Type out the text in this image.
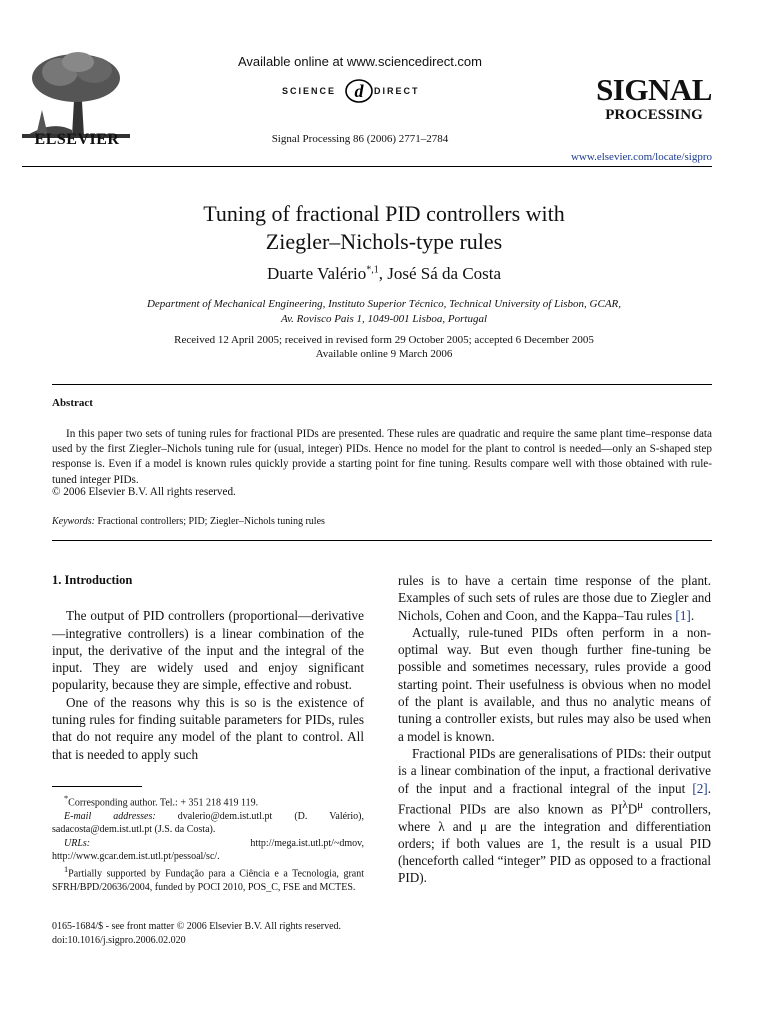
ELSEVIER
Available online at www.sciencedirect.com
SCIENCE d DIRECT
Signal Processing 86 (2006) 2771–2784
SIGNAL
PROCESSING
www.elsevier.com/locate/sigpro
Tuning of fractional PID controllers with
Ziegler–Nichols-type rules
Duarte Valério$^{*,1}$, José Sá da Costa
Department of Mechanical Engineering, Instituto Superior Técnico, Technical University of Lisbon, GCAR,
Av. Rovisco Pais 1, 1049-001 Lisboa, Portugal
Received 12 April 2005; received in revised form 29 October 2005; accepted 6 December 2005
Available online 9 March 2006
Abstract
In this paper two sets of tuning rules for fractional PIDs are presented. These rules are quadratic and require the same plant time–response data used by the first Ziegler–Nichols tuning rule for (usual, integer) PIDs. Hence no model for the plant to control is needed—only an S-shaped step response is. Even if a model is known rules quickly provide a starting point for fine tuning. Results compare well with those obtained with rule-tuned integer PIDs.
© 2006 Elsevier B.V. All rights reserved.
Keywords: Fractional controllers; PID; Ziegler–Nichols tuning rules
1. Introduction
The output of PID controllers (proportional—derivative—integrative controllers) is a linear combination of the input, the derivative of the input and the integral of the input. They are widely used and enjoy significant popularity, because they are simple, effective and robust.
One of the reasons why this is so is the existence of tuning rules for finding suitable parameters for PIDs, rules that do not require any model of the plant to control. All that is needed to apply such
*Corresponding author. Tel.: + 351 218 419 119.
E-mail addresses: dvalerio@dem.ist.utl.pt (D. Valério), sadacosta@dem.ist.utl.pt (J.S. da Costa).
URLs: http://mega.ist.utl.pt/~dmov, http://www.gcar.dem.ist.utl.pt/pessoal/sc/.
$^1$Partially supported by Fundação para a Ciência e a Tecnologia, grant SFRH/BPD/20636/2004, funded by POCI 2010, POS_C, FSE and MCTES.
rules is to have a certain time response of the plant. Examples of such sets of rules are those due to Ziegler and Nichols, Cohen and Coon, and the Kappa–Tau rules [1].
Actually, rule-tuned PIDs often perform in a non-optimal way. But even though further fine-tuning be possible and sometimes necessary, rules provide a good starting point. Their usefulness is obvious when no model of the plant is available, and thus no analytic means of tuning a controller exists, but rules may also be used when a model is known.
Fractional PIDs are generalisations of PIDs: their output is a linear combination of the input, a fractional derivative of the input and a fractional integral of the input [2]. Fractional PIDs are also known as $PI^\lambda D^\mu$ controllers, where λ and μ are the integration and differentiation orders; if both values are 1, the result is a usual PID (henceforth called “integer” PID as opposed to a fractional PID).
0165-1684/$ - see front matter © 2006 Elsevier B.V. All rights reserved.
doi:10.1016/j.sigpro.2006.02.020
